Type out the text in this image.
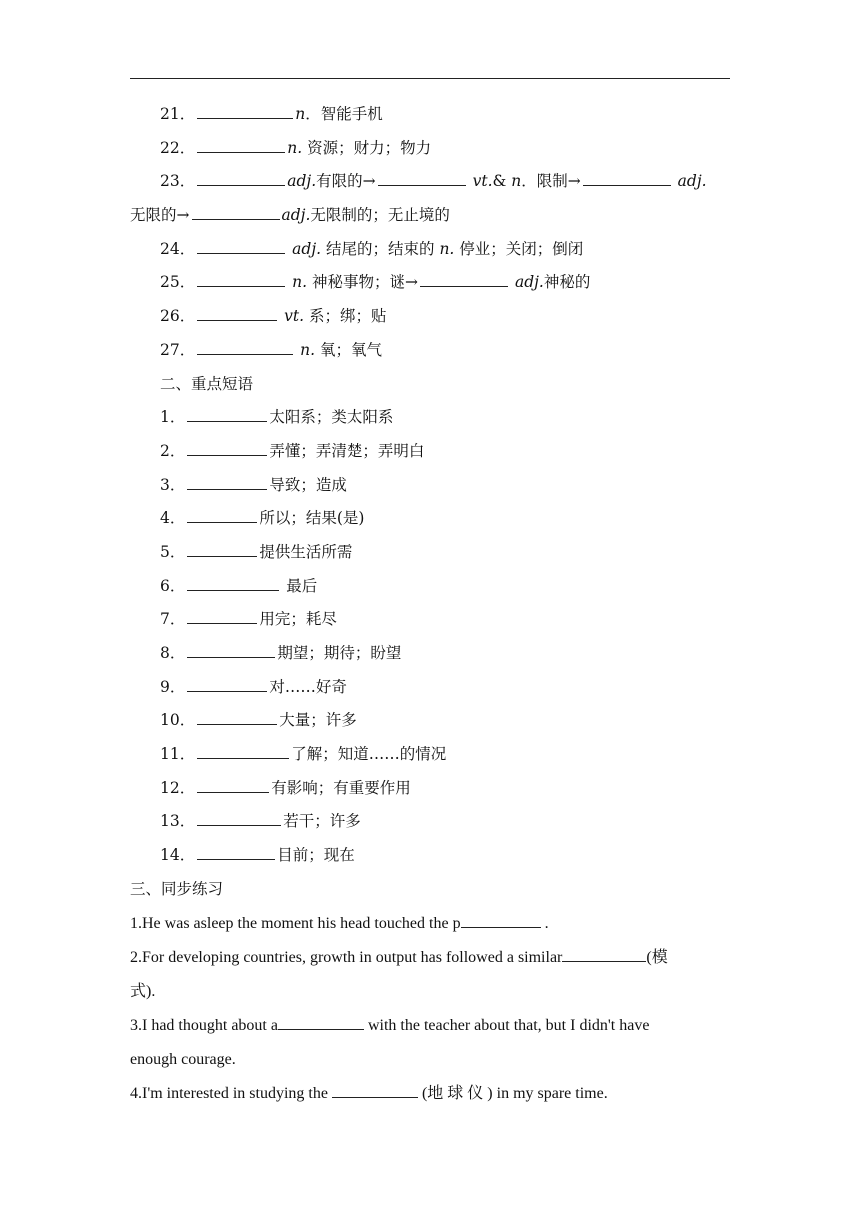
21．	n．智能手机
22．	n. 资源；财力；物力
23．	adj.有限的→	vt.& n．限制→	adj.
无限的→	adj.无限制的；无止境的
24．	adj. 结尾的；结束的 n. 停业；关闭；倒闭
25．	n. 神秘事物；谜→	adj.神秘的
26．	vt. 系；绑；贴
27．	n. 氧；氧气
二、重点短语
1．	太阳系；类太阳系
2．	弄懂；弄清楚；弄明白
3．	导致；造成
4．	所以；结果(是)
5．	提供生活所需
6．	最后
7．	用完；耗尽
8．	期望；期待；盼望
9．	对……好奇
10．	大量；许多
11．	了解；知道……的情况
12．	有影响；有重要作用
13．	若干；许多
14．	目前；现在
三、同步练习
1.He was asleep the moment his head touched the p	.
2.For developing countries, growth in output has followed a similar	(模
式).
3.I had thought about a	with the teacher about that, but I didn't have
enough courage.
4.I'm interested in studying the	(地 球 仪 ) in my spare time.
